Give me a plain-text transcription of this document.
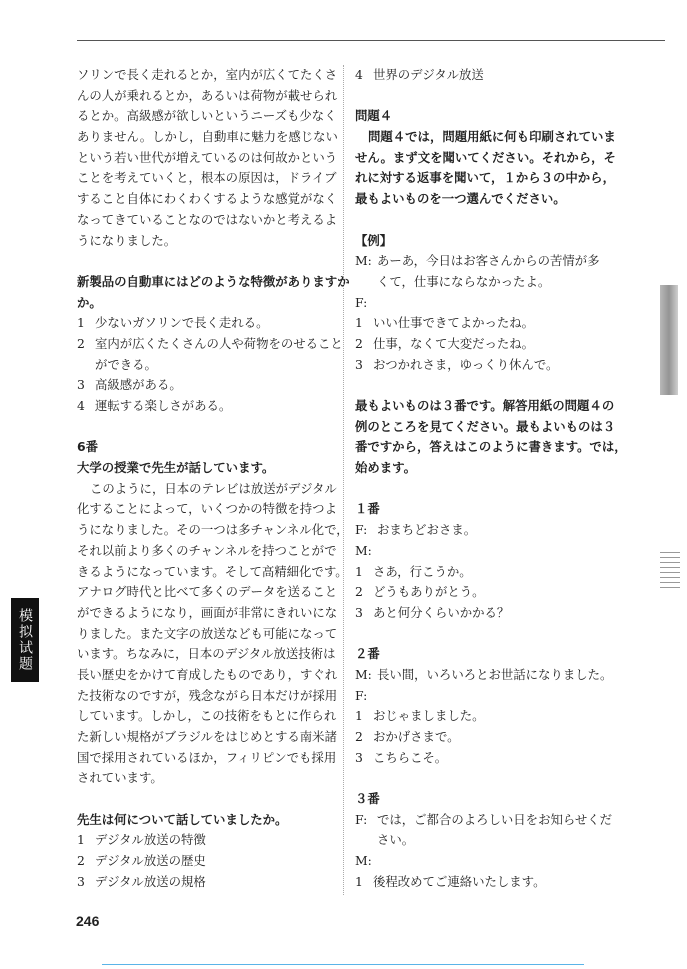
ソリンで長く走れるとか，室内が広くてたくさ
んの人が乗れるとか，あるいは荷物が載せられ
るとか。高級感が欲しいというニーズも少なく
ありません。しかし，自動車に魅力を感じない
という若い世代が増えているのは何故かという
ことを考えていくと，根本の原因は，ドライブ
すること自体にわくわくするような感覚がなく
なってきていることなのではないかと考えるよ
うになりました。
新製品の自動車にはどのような特徴がありますか
か。
1 少ないガソリンで長く走れる。
2 室内が広くたくさんの人や荷物をのせること
ができる。
3 高級感がある。
4 運転する楽しさがある。
6番
大学の授業で先生が話しています。
このように，日本のテレビは放送がデジタル
化することによって，いくつかの特徴を持つよ
うになりました。その一つは多チャンネル化で，
それ以前より多くのチャンネルを持つことがで
きるようになっています。そして高精細化です。
アナログ時代と比べて多くのデータを送ること
ができるようになり，画面が非常にきれいにな
りました。また文字の放送なども可能になって
います。ちなみに，日本のデジタル放送技術は
長い歴史をかけて育成したものであり，すぐれ
た技術なのですが，残念ながら日本だけが採用
しています。しかし，この技術をもとに作られ
た新しい規格がブラジルをはじめとする南米諸
国で採用されているほか，フィリピンでも採用
されています。
先生は何について話していましたか。
1 デジタル放送の特徴
2 デジタル放送の歴史
3 デジタル放送の規格
4 世界のデジタル放送
問題４
問題４では，問題用紙に何も印刷されていま
せん。まず文を聞いてください。それから，そ
れに対する返事を聞いて，１から３の中から，
最もよいものを一つ選んでください。
【例】
M: あーあ，今日はお客さんからの苦情が多
くて，仕事にならなかったよ。
F:
1 いい仕事できてよかったね。
2 仕事，なくて大変だったね。
3 おつかれさま，ゆっくり休んで。
最もよいものは３番です。解答用紙の問題４の
例のところを見てください。最もよいものは３
番ですから，答えはこのように書きます。では，
始めます。
１番
F: おまちどおさま。
M:
1 さあ，行こうか。
2 どうもありがとう。
3 あと何分くらいかかる？
２番
M: 長い間，いろいろとお世話になりました。
F:
1 おじゃましました。
2 おかげさまで。
3 こちらこそ。
３番
F: では，ご都合のよろしい日をお知らせくだ
さい。
M:
1 後程改めてご連絡いたします。
模拟试题
246
